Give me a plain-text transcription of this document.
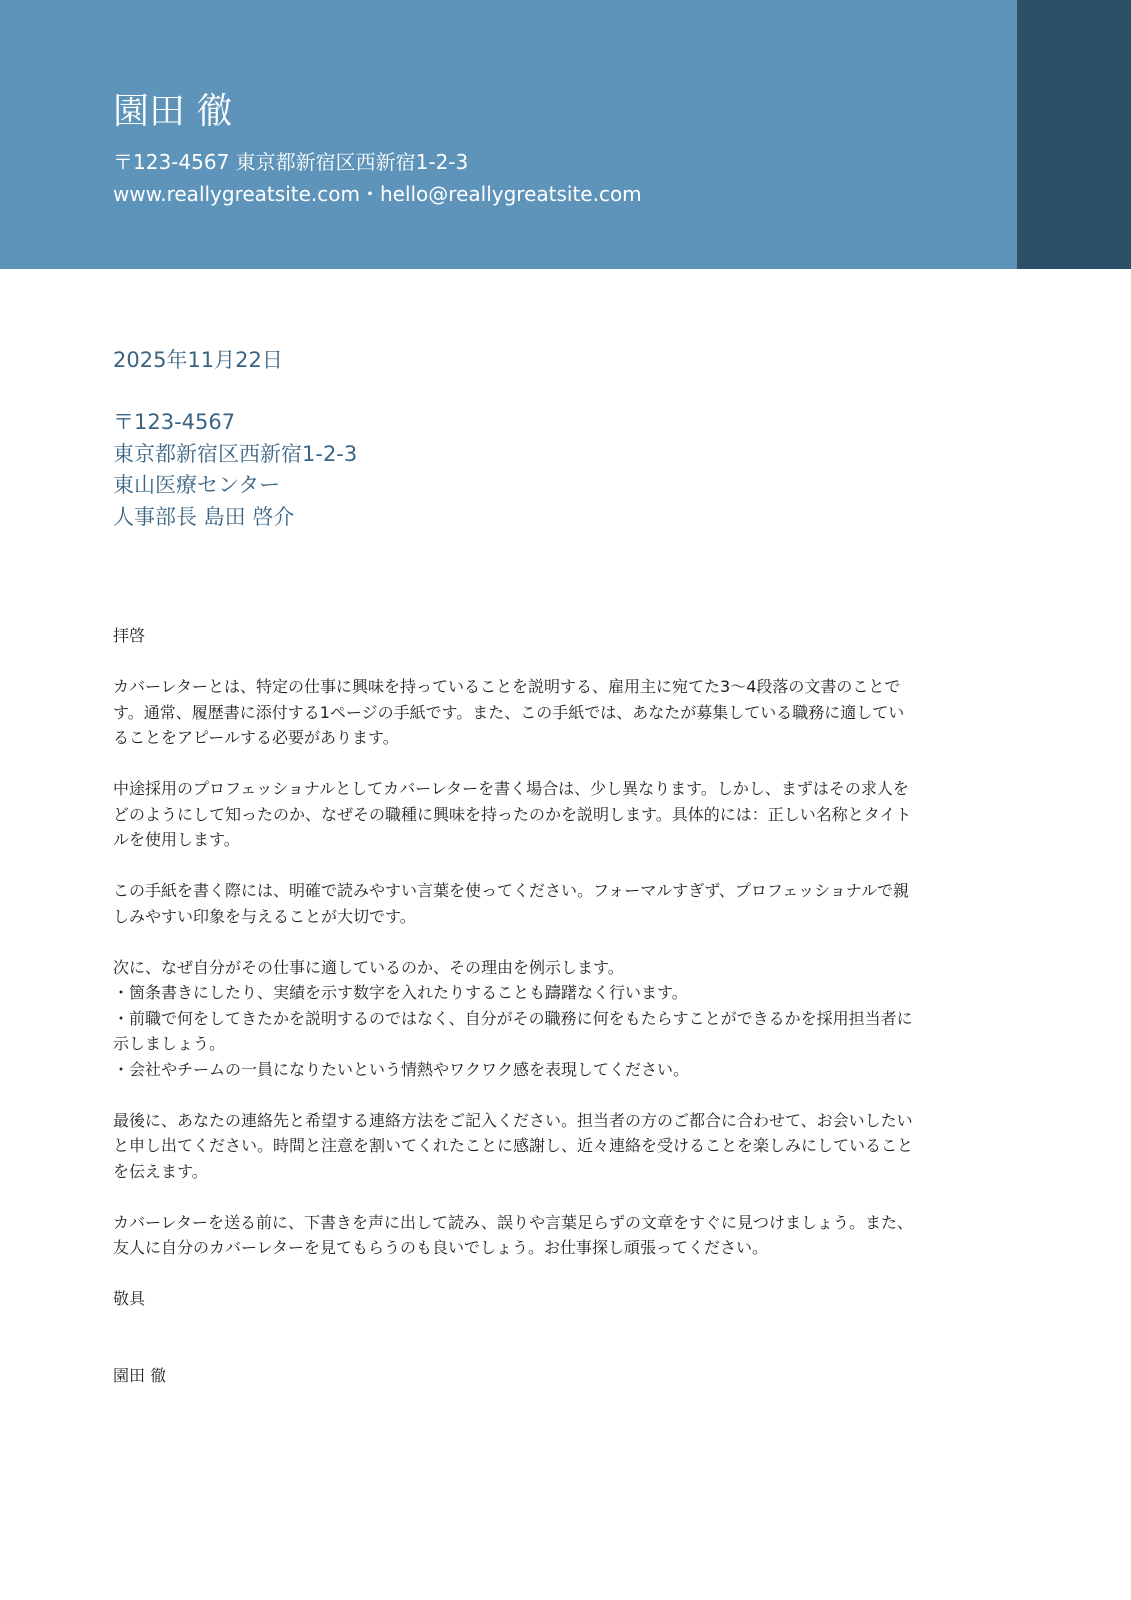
園田 徹
〒123-4567 東京都新宿区西新宿1-2-3
www.reallygreatsite.com・hello@reallygreatsite.com
2025年11月22日
〒123-4567
東京都新宿区西新宿1-2-3
東山医療センター
人事部長 島田 啓介

拝啓

カバーレターとは、特定の仕事に興味を持っていることを説明する、雇用主に宛てた3〜4段落の文書のことで
す。通常、履歴書に添付する1ページの手紙です。また、この手紙では、あなたが募集している職務に適してい
ることをアピールする必要があります。

中途採用のプロフェッショナルとしてカバーレターを書く場合は、少し異なります。しかし、まずはその求人を
どのようにして知ったのか、なぜその職種に興味を持ったのかを説明します。具体的には：正しい名称とタイト
ルを使用します。

この手紙を書く際には、明確で読みやすい言葉を使ってください。フォーマルすぎず、プロフェッショナルで親
しみやすい印象を与えることが大切です。

次に、なぜ自分がその仕事に適しているのか、その理由を例示します。
・箇条書きにしたり、実績を示す数字を入れたりすることも躊躇なく行います。
・前職で何をしてきたかを説明するのではなく、自分がその職務に何をもたらすことができるかを採用担当者に
示しましょう。
・会社やチームの一員になりたいという情熱やワクワク感を表現してください。

最後に、あなたの連絡先と希望する連絡方法をご記入ください。担当者の方のご都合に合わせて、お会いしたい
と申し出てください。時間と注意を割いてくれたことに感謝し、近々連絡を受けることを楽しみにしていること
を伝えます。

カバーレターを送る前に、下書きを声に出して読み、誤りや言葉足らずの文章をすぐに見つけましょう。また、
友人に自分のカバーレターを見てもらうのも良いでしょう。お仕事探し頑張ってください。

敬具

園田 徹
